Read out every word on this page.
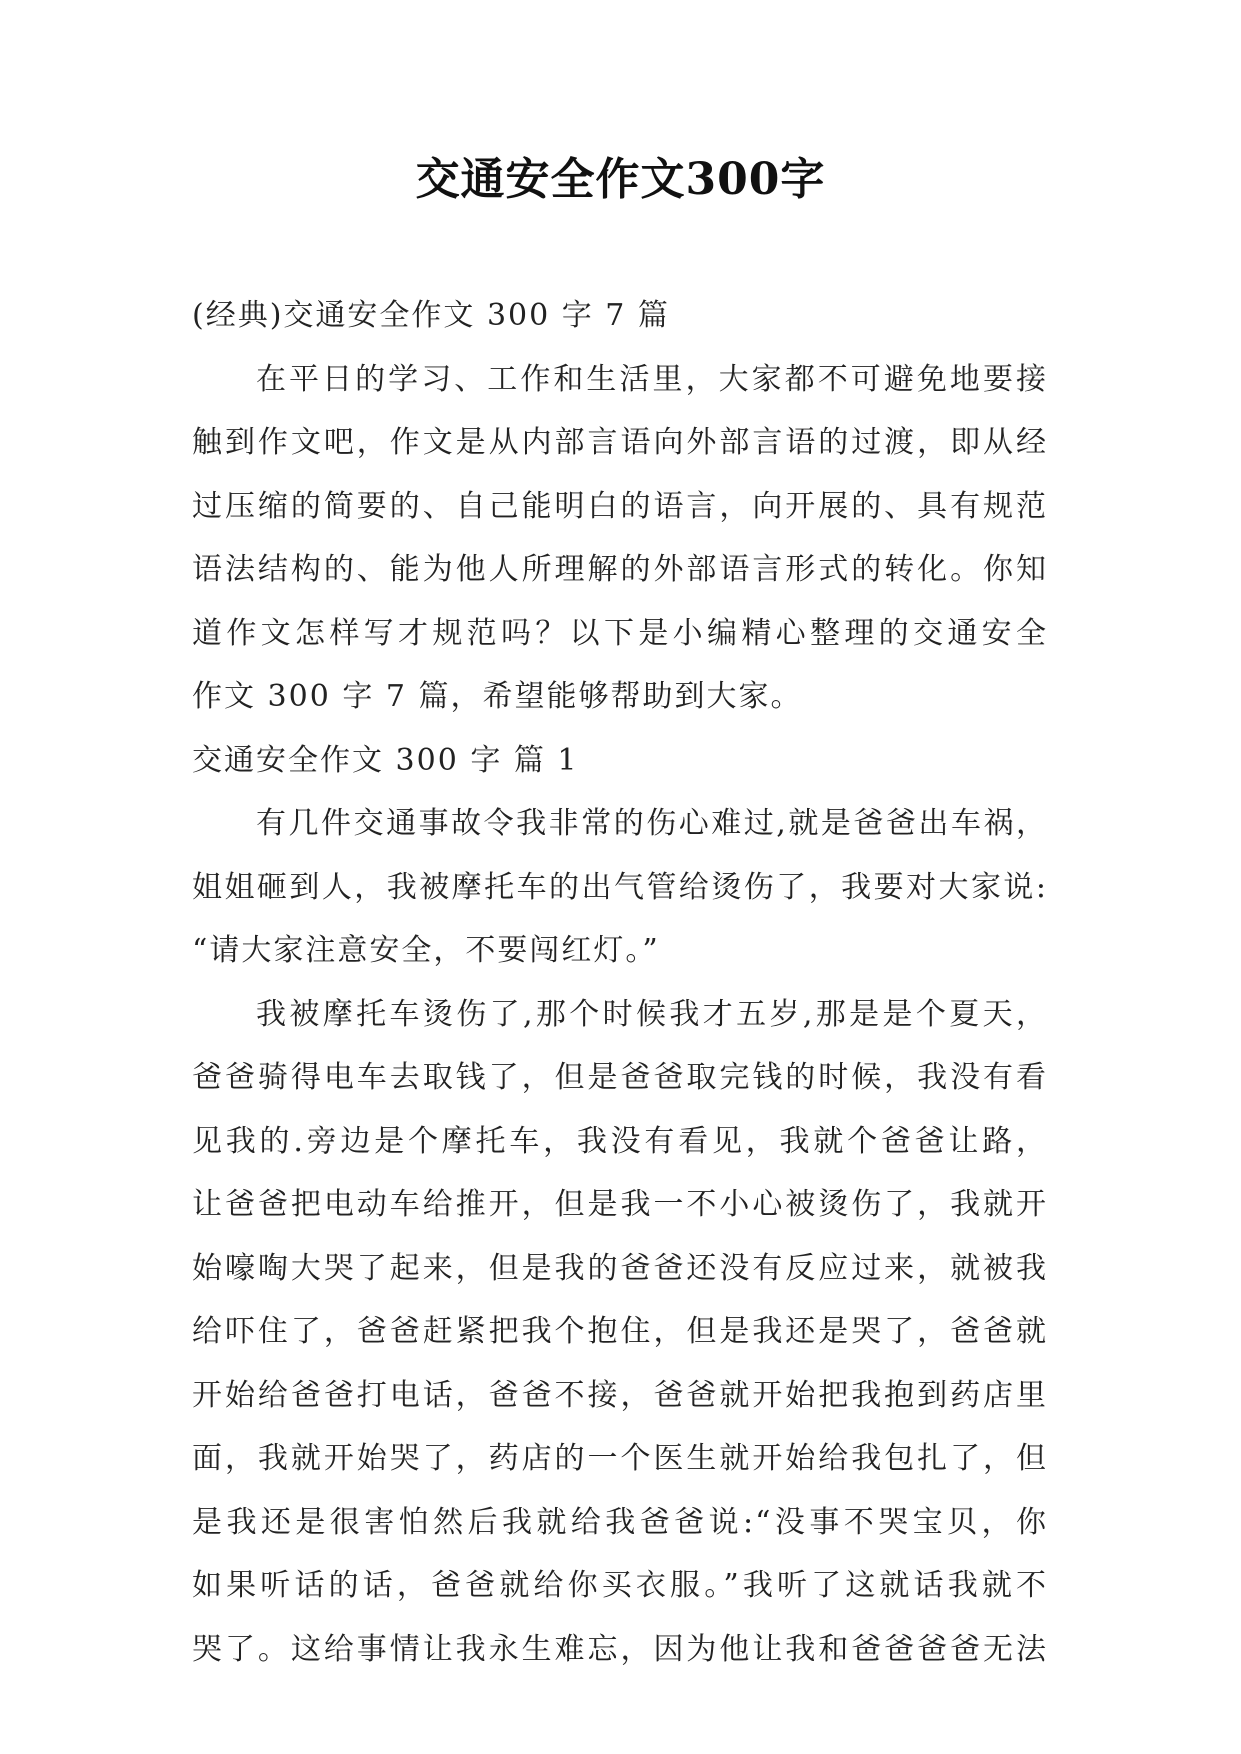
交通安全作文300字
(经典)交通安全作文 300 字 7 篇
在平日的学习、工作和生活里，大家都不可避免地要接
触到作文吧，作文是从内部言语向外部言语的过渡，即从经
过压缩的简要的、自己能明白的语言，向开展的、具有规范
语法结构的、能为他人所理解的外部语言形式的转化。你知
道作文怎样写才规范吗？以下是小编精心整理的交通安全
作文 300 字 7 篇，希望能够帮助到大家。
交通安全作文 300 字 篇 1
有几件交通事故令我非常的伤心难过,就是爸爸出车祸，
姐姐砸到人，我被摩托车的出气管给烫伤了，我要对大家说:
“请大家注意安全，不要闯红灯。”
我被摩托车烫伤了,那个时候我才五岁,那是是个夏天，
爸爸骑得电车去取钱了，但是爸爸取完钱的时候，我没有看
见我的.旁边是个摩托车，我没有看见，我就个爸爸让路，
让爸爸把电动车给推开，但是我一不小心被烫伤了，我就开
始嚎啕大哭了起来，但是我的爸爸还没有反应过来，就被我
给吓住了，爸爸赶紧把我个抱住，但是我还是哭了，爸爸就
开始给爸爸打电话，爸爸不接，爸爸就开始把我抱到药店里
面，我就开始哭了，药店的一个医生就开始给我包扎了，但
是我还是很害怕然后我就给我爸爸说:“没事不哭宝贝，你
如果听话的话，爸爸就给你买衣服。”我听了这就话我就不
哭了。这给事情让我永生难忘，因为他让我和爸爸爸爸无法
